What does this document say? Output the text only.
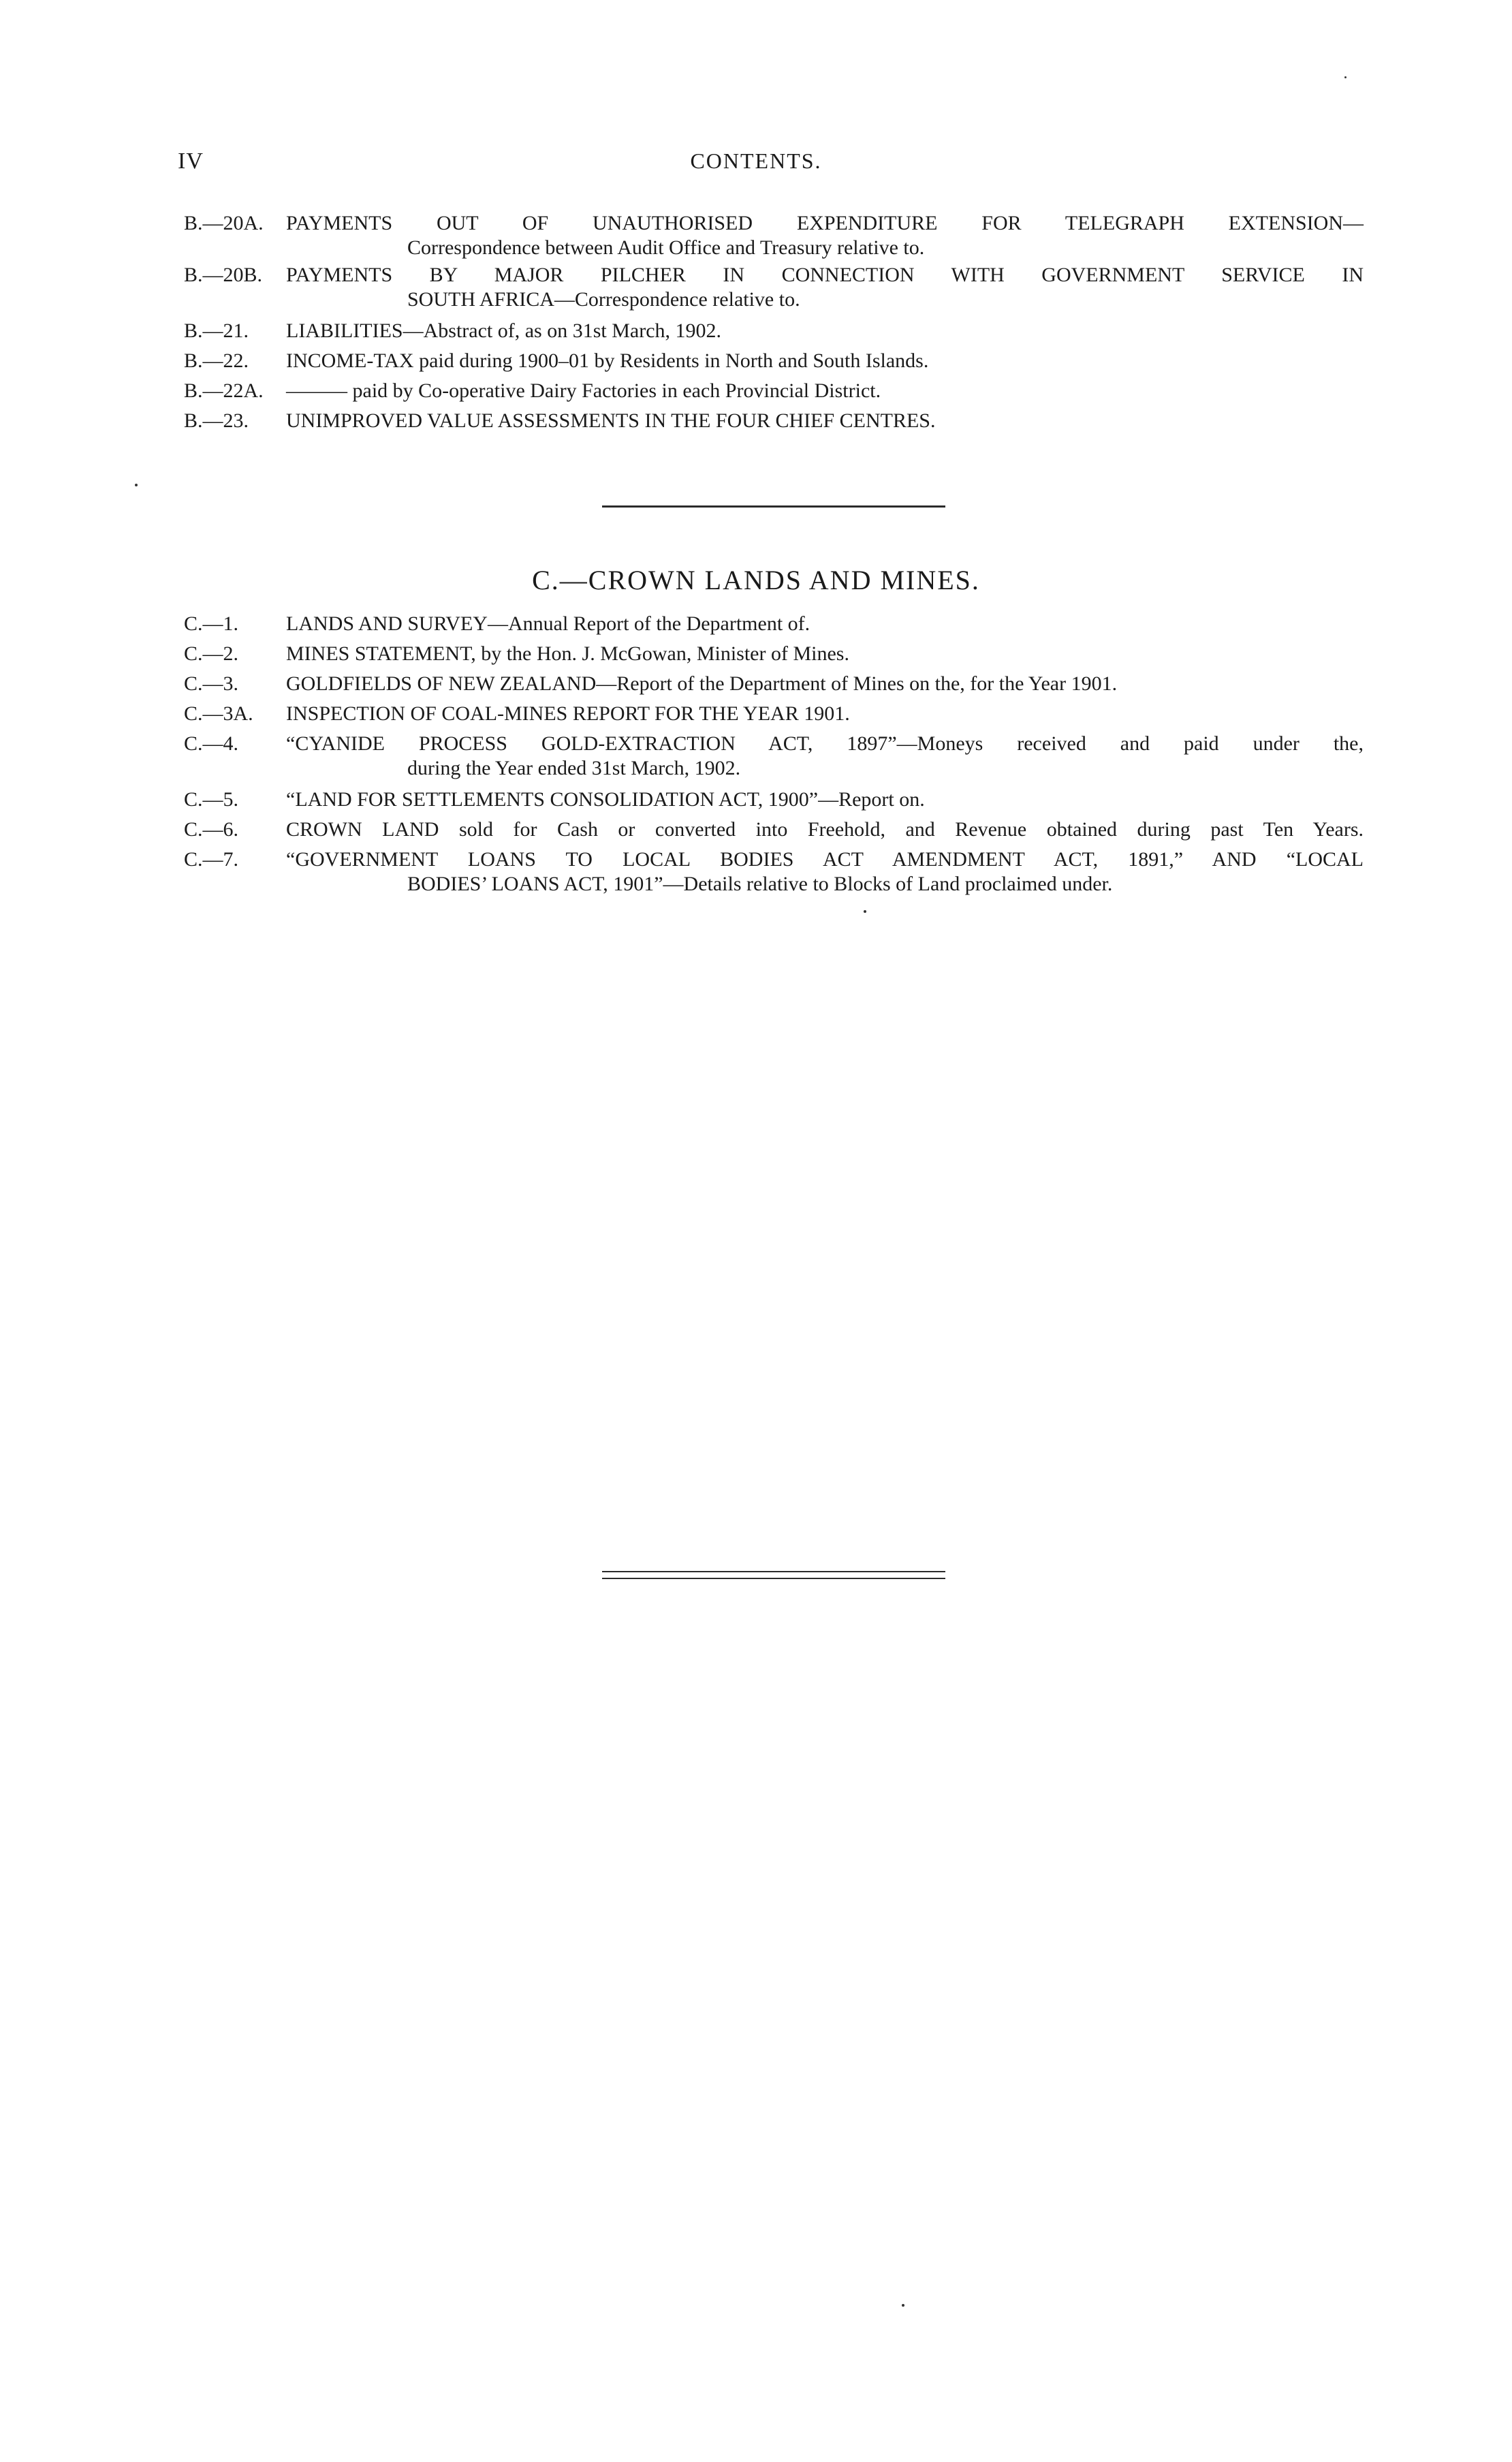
IV	CONTENTS.
B.—20A.	PAYMENTS OUT OF UNAUTHORISED EXPENDITURE FOR TELEGRAPH EXTENSION—
Correspondence between Audit Office and Treasury relative to.
B.—20B.	PAYMENTS BY MAJOR PILCHER IN CONNECTION WITH GOVERNMENT SERVICE IN
SOUTH AFRICA—Correspondence relative to.
B.—21.	LIABILITIES—Abstract of, as on 31st March, 1902.
B.—22.	INCOME-TAX paid during 1900–01 by Residents in North and South Islands.
B.—22A.	——— paid by Co-operative Dairy Factories in each Provincial District.
B.—23.	UNIMPROVED VALUE ASSESSMENTS IN THE FOUR CHIEF CENTRES.
C.—CROWN LANDS AND MINES.
C.—1.	LANDS AND SURVEY—Annual Report of the Department of.
C.—2.	MINES STATEMENT, by the Hon. J. McGowan, Minister of Mines.
C.—3.	GOLDFIELDS OF NEW ZEALAND—Report of the Department of Mines on the, for the Year 1901.
C.—3A.	INSPECTION OF COAL-MINES REPORT FOR THE YEAR 1901.
C.—4.	“CYANIDE PROCESS GOLD-EXTRACTION ACT, 1897”—Moneys received and paid under the,
during the Year ended 31st March, 1902.
C.—5.	“LAND FOR SETTLEMENTS CONSOLIDATION ACT, 1900”—Report on.
C.—6.	CROWN LAND sold for Cash or converted into Freehold, and Revenue obtained during past Ten Years.
C.—7.	“GOVERNMENT LOANS TO LOCAL BODIES ACT AMENDMENT ACT, 1891,” AND “LOCAL
BODIES’ LOANS ACT, 1901”—Details relative to Blocks of Land proclaimed under.
